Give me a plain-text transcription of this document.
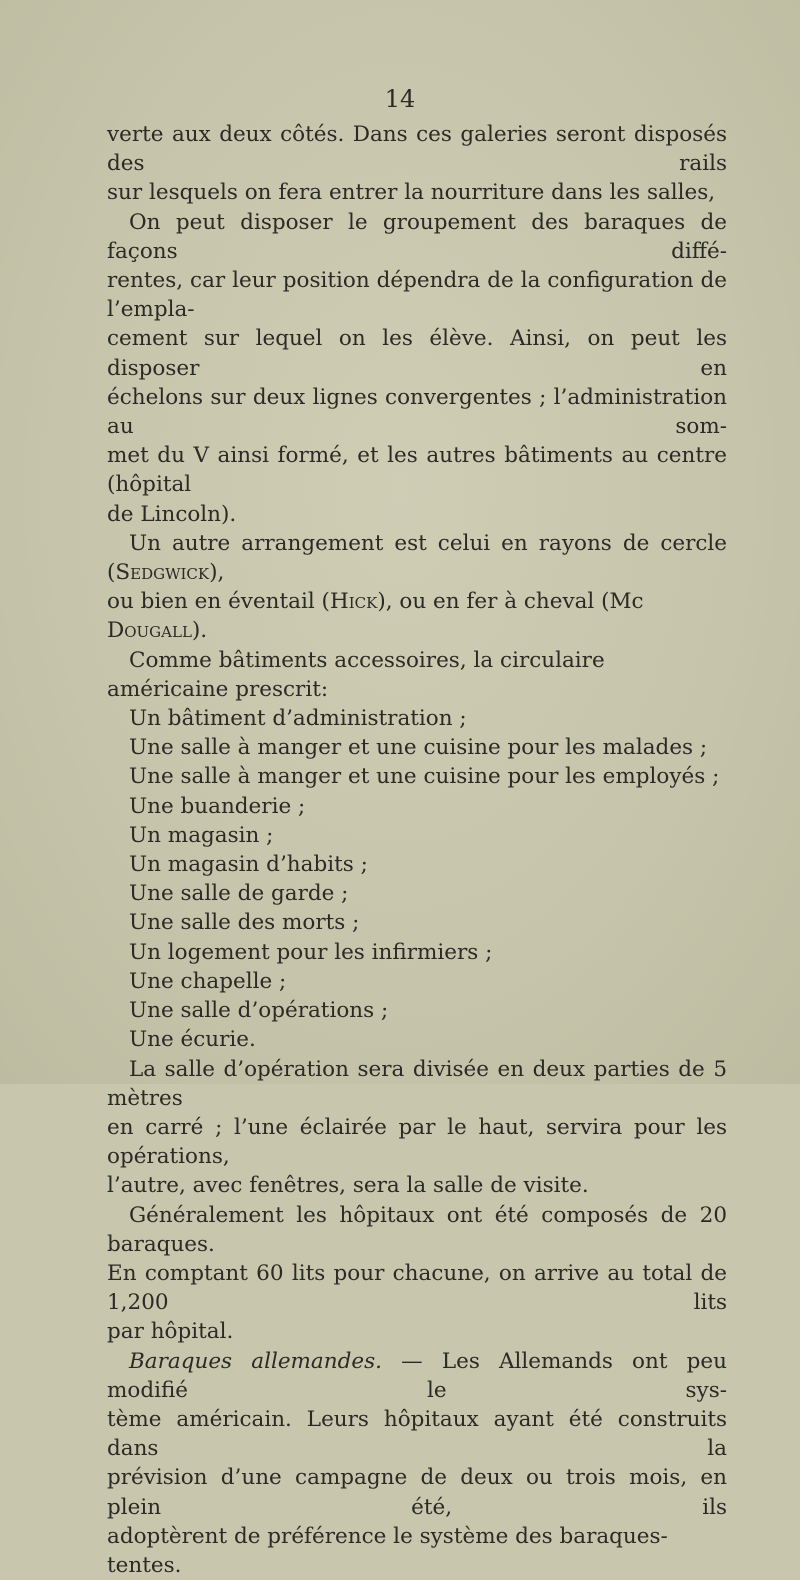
14

verte aux deux côtés. Dans ces galeries seront disposés des rails

sur lesquels on fera entrer la nourriture dans les salles,

On peut disposer le groupement des baraques de façons diffé-

rentes, car leur position dépendra de la configuration de l’empla-

cement sur lequel on les élève. Ainsi, on peut les disposer en

échelons sur deux lignes convergentes ; l’administration au som-

met du V ainsi formé, et les autres bâtiments au centre (hôpital

de Lincoln).

Un autre arrangement est celui en rayons de cercle (Sedgwick),

ou bien en éventail (Hick), ou en fer à cheval (Mc Dougall).

Comme bâtiments accessoires, la circulaire américaine prescrit:

Un bâtiment d’administration ;

Une salle à manger et une cuisine pour les malades ;

Une salle à manger et une cuisine pour les employés ;

Une buanderie ;

Un magasin ;

Un magasin d’habits ;

Une salle de garde ;

Une salle des morts ;

Un logement pour les infirmiers ;

Une chapelle ;

Une salle d’opérations ;

Une écurie.

La salle d’opération sera divisée en deux parties de 5 mètres

en carré ; l’une éclairée par le haut, servira pour les opérations,

l’autre, avec fenêtres, sera la salle de visite.

Généralement les hôpitaux ont été composés de 20 baraques.

En comptant 60 lits pour chacune, on arrive au total de 1,200 lits

par hôpital.

Baraques allemandes. — Les Allemands ont peu modifié le sys-

tème américain. Leurs hôpitaux ayant été construits dans la

prévision d’une campagne de deux ou trois mois, en plein été, ils

adoptèrent de préférence le système des baraques-tentes.
